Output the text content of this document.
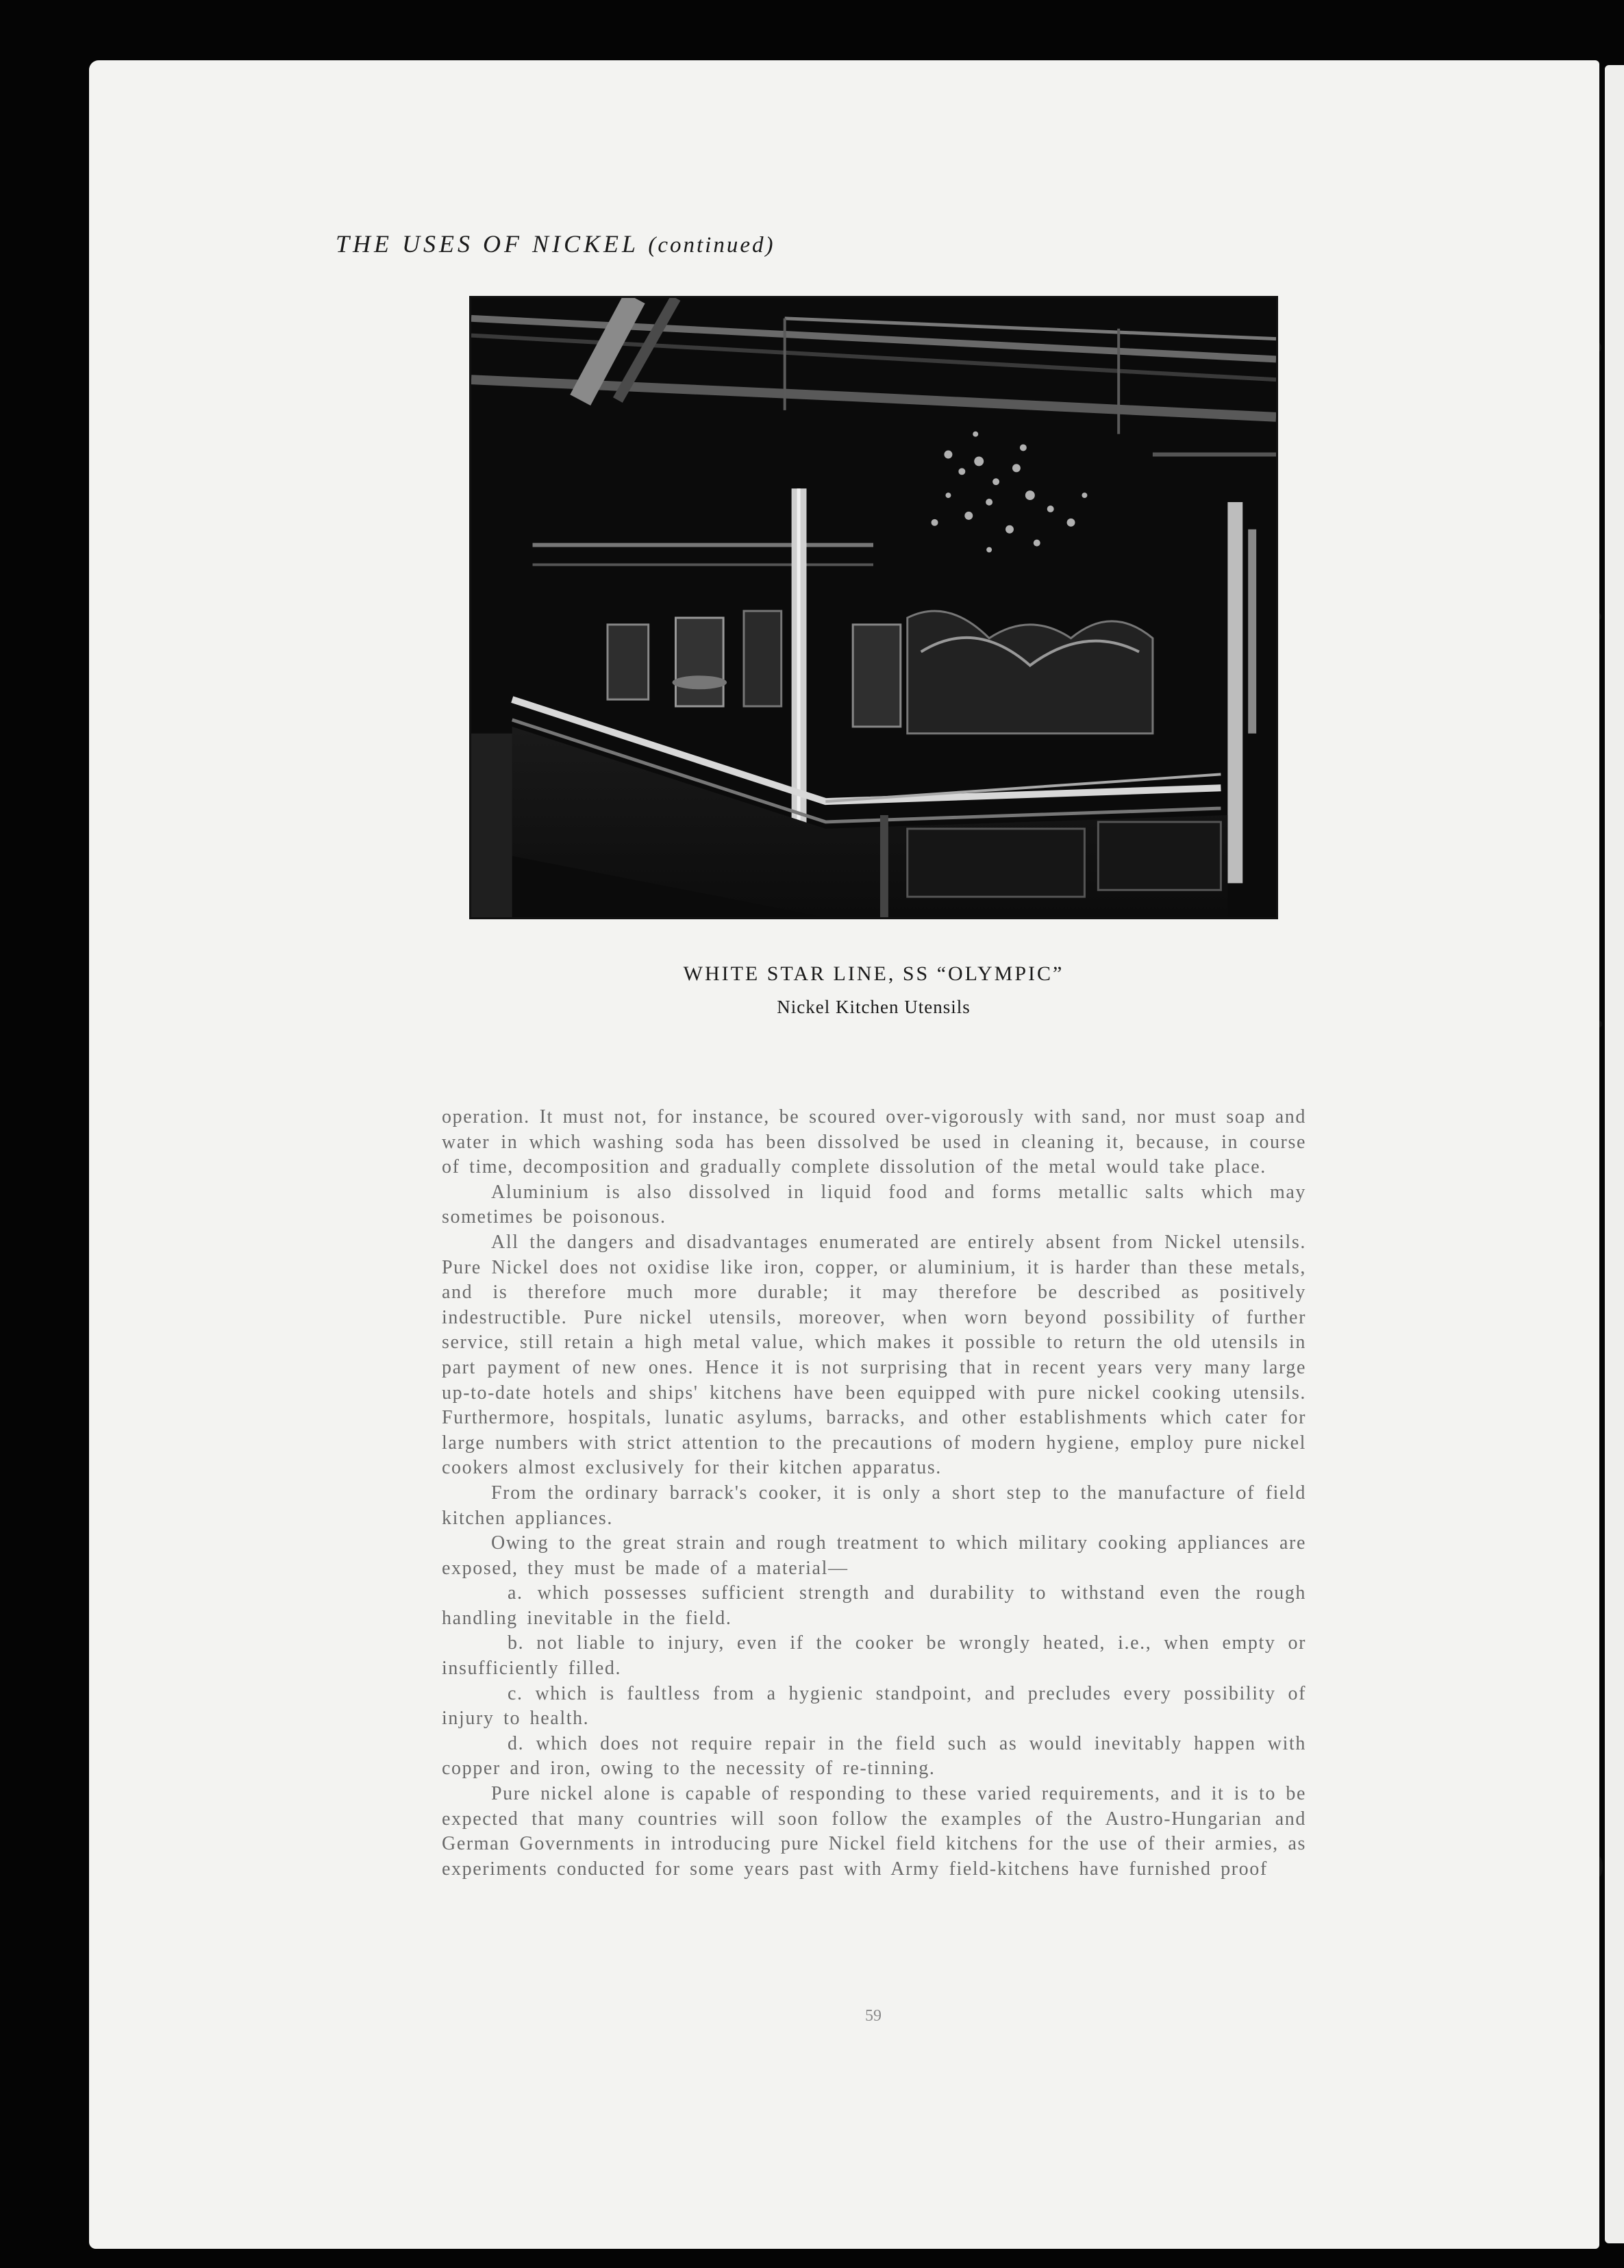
THE USES OF NICKEL (continued)
WHITE STAR LINE, SS “OLYMPIC”
Nickel Kitchen Utensils

operation. It must not, for instance, be scoured over-vigorously with sand, nor must soap and water in which washing soda has been dissolved be used in cleaning it, because, in course of time, decomposition and gradually complete dissolution of the metal would take place.

Aluminium is also dissolved in liquid food and forms metallic salts which may sometimes be poisonous.

All the dangers and disadvantages enumerated are entirely absent from Nickel utensils. Pure Nickel does not oxidise like iron, copper, or aluminium, it is harder than these metals, and is therefore much more durable; it may therefore be described as positively indestructible. Pure nickel utensils, moreover, when worn beyond possibility of further service, still retain a high metal value, which makes it possible to return the old utensils in part payment of new ones. Hence it is not surprising that in recent years very many large up-to-date hotels and ships' kitchens have been equipped with pure nickel cooking utensils. Furthermore, hospitals, lunatic asylums, barracks, and other establishments which cater for large numbers with strict attention to the precautions of modern hygiene, employ pure nickel cookers almost exclusively for their kitchen apparatus.

From the ordinary barrack's cooker, it is only a short step to the manufacture of field kitchen appliances.

Owing to the great strain and rough treatment to which military cooking appliances are exposed, they must be made of a material—

a. which possesses sufficient strength and durability to withstand even the rough handling inevitable in the field.

b. not liable to injury, even if the cooker be wrongly heated, i.e., when empty or insufficiently filled.

c. which is faultless from a hygienic standpoint, and precludes every possibility of injury to health.

d. which does not require repair in the field such as would inevitably happen with copper and iron, owing to the necessity of re-tinning.

Pure nickel alone is capable of responding to these varied requirements, and it is to be expected that many countries will soon follow the examples of the Austro-Hungarian and German Governments in introducing pure Nickel field kitchens for the use of their armies, as experiments conducted for some years past with Army field-kitchens have furnished proof

59
